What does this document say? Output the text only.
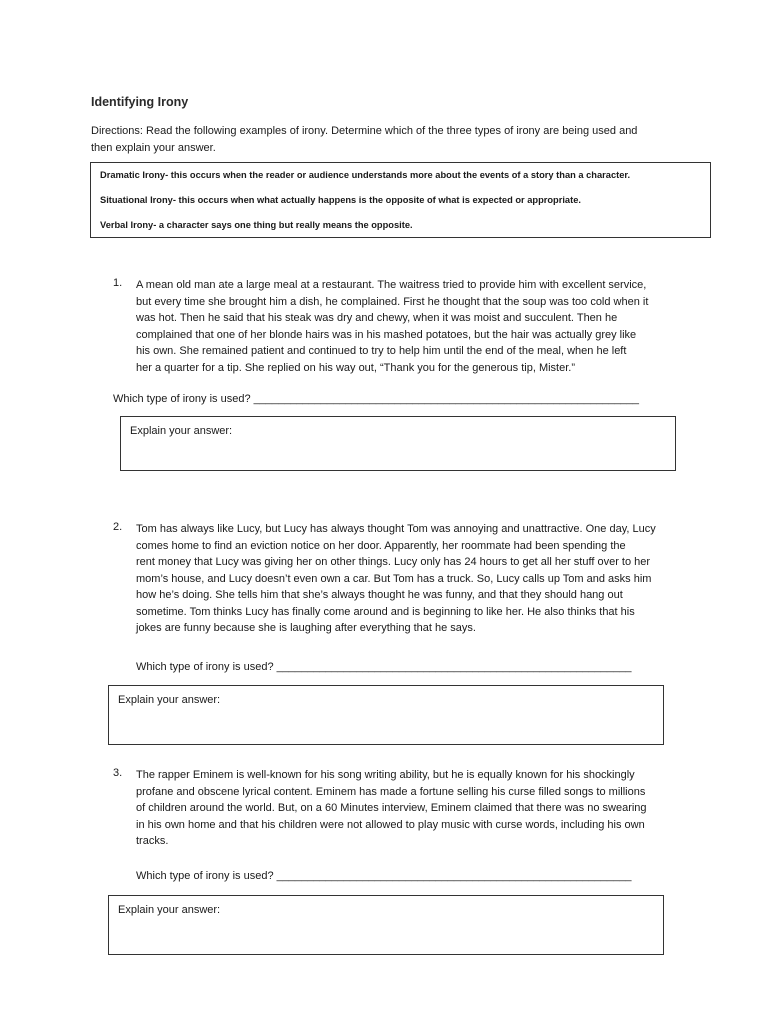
Identifying Irony
Directions: Read the following examples of irony. Determine which of the three types of irony are being used and
then explain your answer.
Dramatic Irony- this occurs when the reader or audience understands more about the events of a story than a character.
Situational Irony- this occurs when what actually happens is the opposite of what is expected or appropriate.
Verbal Irony- a character says one thing but really means the opposite.
1. A mean old man ate a large meal at a restaurant. The waitress tried to provide him with excellent service,
but every time she brought him a dish, he complained. First he thought that the soup was too cold when it
was hot. Then he said that his steak was dry and chewy, when it was moist and succulent. Then he
complained that one of her blonde hairs was in his mashed potatoes, but the hair was actually grey like
his own. She remained patient and continued to try to help him until the end of the meal, when he left
her a quarter for a tip. She replied on his way out, “Thank you for the generous tip, Mister.”
Which type of irony is used? _______________________________________________________________
Explain your answer:
2. Tom has always like Lucy, but Lucy has always thought Tom was annoying and unattractive. One day, Lucy
comes home to find an eviction notice on her door. Apparently, her roommate had been spending the
rent money that Lucy was giving her on other things. Lucy only has 24 hours to get all her stuff over to her
mom’s house, and Lucy doesn’t even own a car. But Tom has a truck. So, Lucy calls up Tom and asks him
how he’s doing. She tells him that she’s always thought he was funny, and that they should hang out
sometime. Tom thinks Lucy has finally come around and is beginning to like her. He also thinks that his
jokes are funny because she is laughing after everything that he says.
Which type of irony is used? __________________________________________________________
Explain your answer:
3. The rapper Eminem is well-known for his song writing ability, but he is equally known for his shockingly
profane and obscene lyrical content. Eminem has made a fortune selling his curse filled songs to millions
of children around the world. But, on a 60 Minutes interview, Eminem claimed that there was no swearing
in his own home and that his children were not allowed to play music with curse words, including his own
tracks.
Which type of irony is used? __________________________________________________________
Explain your answer:
